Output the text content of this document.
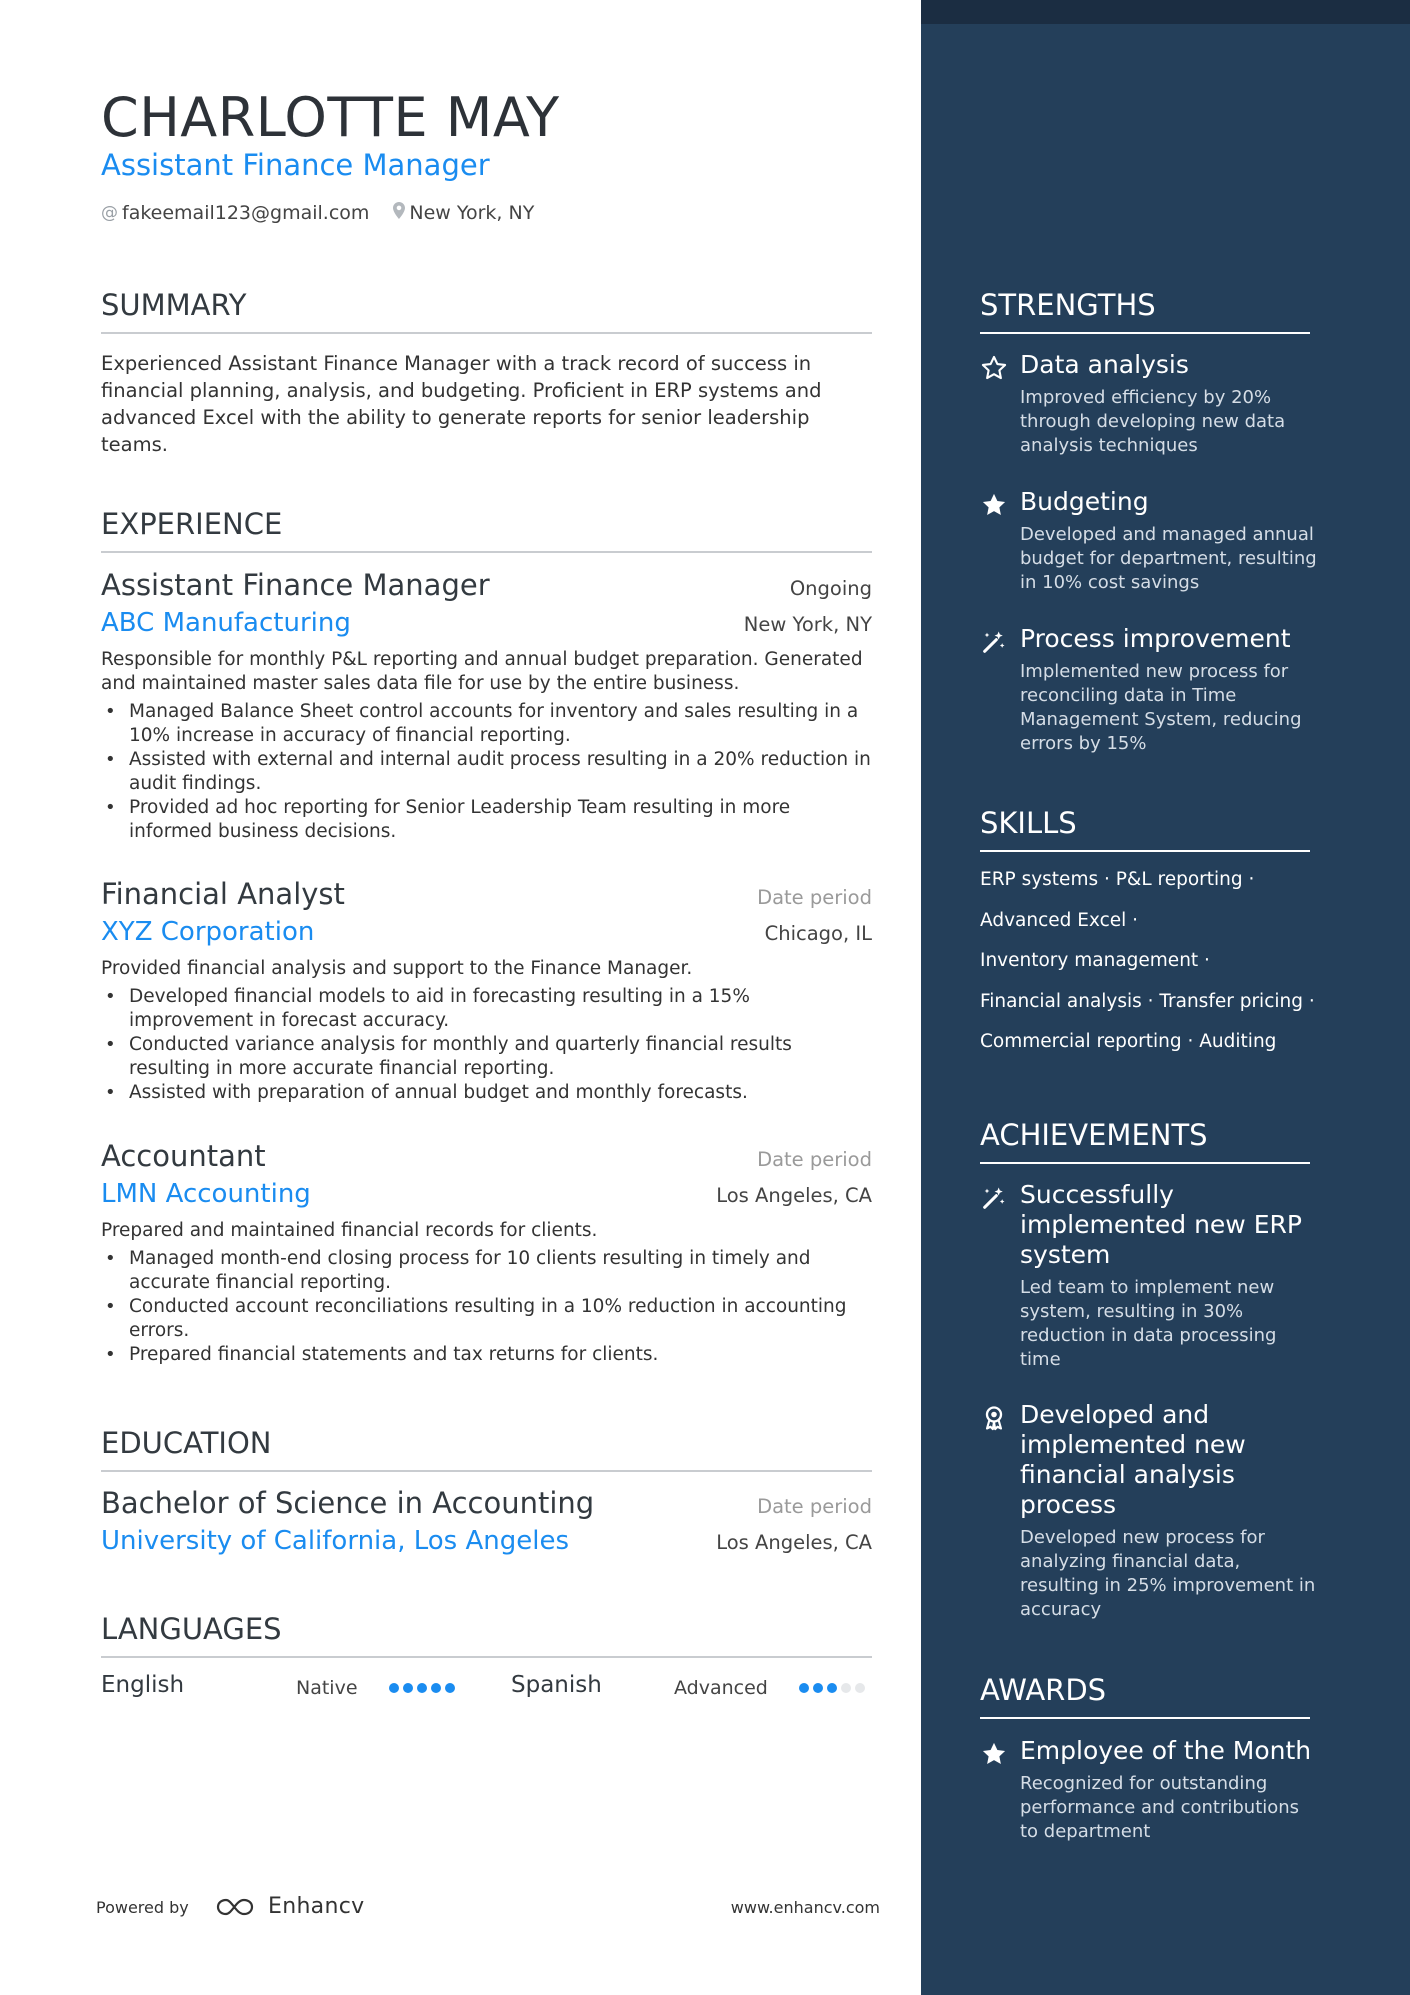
CHARLOTTE MAY
Assistant Finance Manager
@ fakeemail123@gmail.com New York, NY
SUMMARY
Experienced Assistant Finance Manager with a track record of success in financial planning, analysis, and budgeting. Proficient in ERP systems and advanced Excel with the ability to generate reports for senior leadership teams.
EXPERIENCE
Assistant Finance Manager	Ongoing
ABC Manufacturing	New York, NY
Responsible for monthly P&L reporting and annual budget preparation. Generated and maintained master sales data file for use by the entire business.
• Managed Balance Sheet control accounts for inventory and sales resulting in a 10% increase in accuracy of financial reporting.
• Assisted with external and internal audit process resulting in a 20% reduction in audit findings.
• Provided ad hoc reporting for Senior Leadership Team resulting in more informed business decisions.
Financial Analyst	Date period
XYZ Corporation	Chicago, IL
Provided financial analysis and support to the Finance Manager.
• Developed financial models to aid in forecasting resulting in a 15% improvement in forecast accuracy.
• Conducted variance analysis for monthly and quarterly financial results resulting in more accurate financial reporting.
• Assisted with preparation of annual budget and monthly forecasts.
Accountant	Date period
LMN Accounting	Los Angeles, CA
Prepared and maintained financial records for clients.
• Managed month-end closing process for 10 clients resulting in timely and accurate financial reporting.
• Conducted account reconciliations resulting in a 10% reduction in accounting errors.
• Prepared financial statements and tax returns for clients.
EDUCATION
Bachelor of Science in Accounting	Date period
University of California, Los Angeles	Los Angeles, CA
LANGUAGES
English	Native	Spanish	Advanced
Powered by	Enhancv	www.enhancv.com
STRENGTHS
Data analysis
Improved efficiency by 20% through developing new data analysis techniques
Budgeting
Developed and managed annual budget for department, resulting in 10% cost savings
Process improvement
Implemented new process for reconciling data in Time Management System, reducing errors by 15%
SKILLS
ERP systems · P&L reporting ·
Advanced Excel ·
Inventory management ·
Financial analysis · Transfer pricing ·
Commercial reporting · Auditing
ACHIEVEMENTS
Successfully implemented new ERP system
Led team to implement new system, resulting in 30% reduction in data processing time
Developed and implemented new financial analysis process
Developed new process for analyzing financial data, resulting in 25% improvement in accuracy
AWARDS
Employee of the Month
Recognized for outstanding performance and contributions to department
